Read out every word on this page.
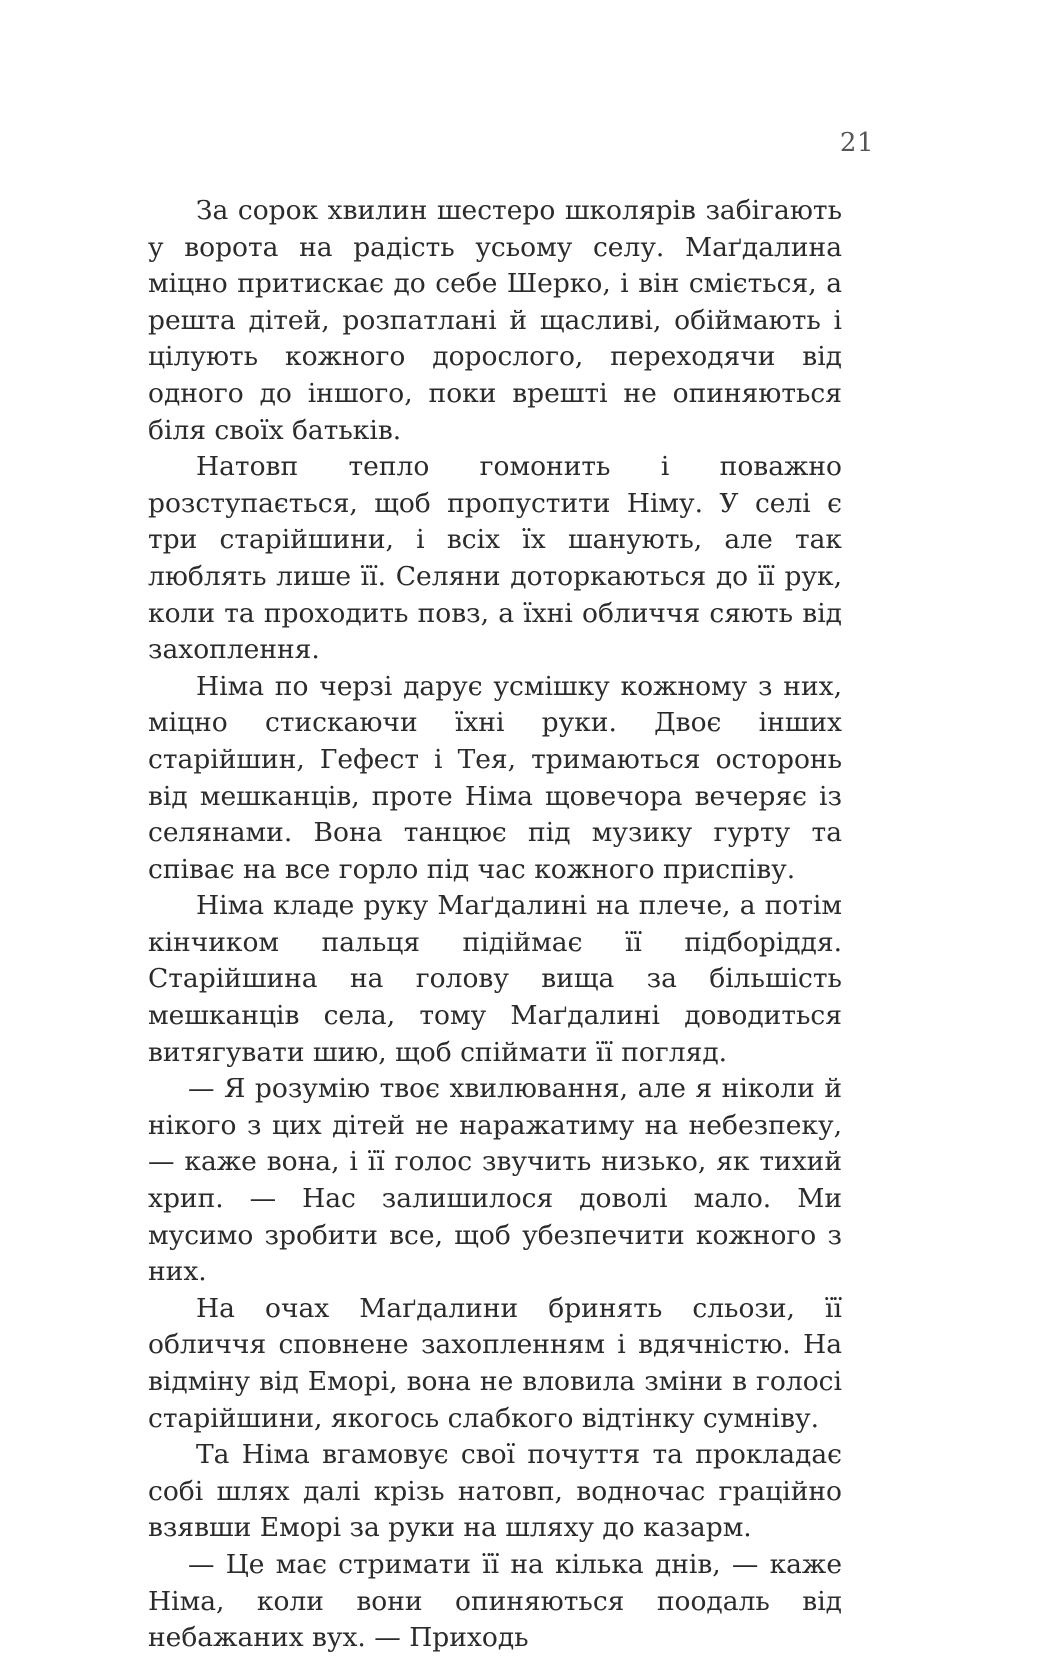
21

За сорок хвилин шестеро школярів забігають у ворота на радість усьому селу. Маґдалина міцно притискає до себе Шерко, і він сміється, а решта дітей, розпатлані й щасливі, обіймають і цілують кожного дорослого, переходячи від одного до іншого, поки врешті не опиняються біля своїх батьків.

Натовп тепло гомонить і поважно розступається, щоб пропустити Німу. У селі є три старійшини, і всіх їх шанують, але так люблять лише її. Селяни доторкаються до її рук, коли та проходить повз, а їхні обличчя сяють від захоплення.

Німа по черзі дарує усмішку кожному з них, міцно стискаючи їхні руки. Двоє інших старійшин, Гефест і Тея, тримаються осторонь від мешканців, проте Німа щовечора вечеряє із селянами. Вона танцює під музику гурту та співає на все горло під час кожного приспіву.

Німа кладе руку Маґдалині на плече, а потім кінчиком пальця підіймає її підборіддя. Старійшина на голову вища за більшість мешканців села, тому Маґдалині доводиться витягувати шию, щоб спіймати її погляд.

— Я розумію твоє хвилювання, але я ніколи й нікого з цих дітей не наражатиму на небезпеку, — каже вона, і її голос звучить низько, як тихий хрип. — Нас залишилося доволі мало. Ми мусимо зробити все, щоб убезпечити кожного з них.

На очах Маґдалини бринять сльози, її обличчя сповнене захопленням і вдячністю. На відміну від Еморі, вона не вловила зміни в голосі старійшини, якогось слабкого відтінку сумніву.

Та Німа вгамовує свої почуття та прокладає собі шлях далі крізь натовп, водночас граційно взявши Еморі за руки на шляху до казарм.

— Це має стримати її на кілька днів, — каже Німа, коли вони опиняються поодаль від небажаних вух. — Приходь
